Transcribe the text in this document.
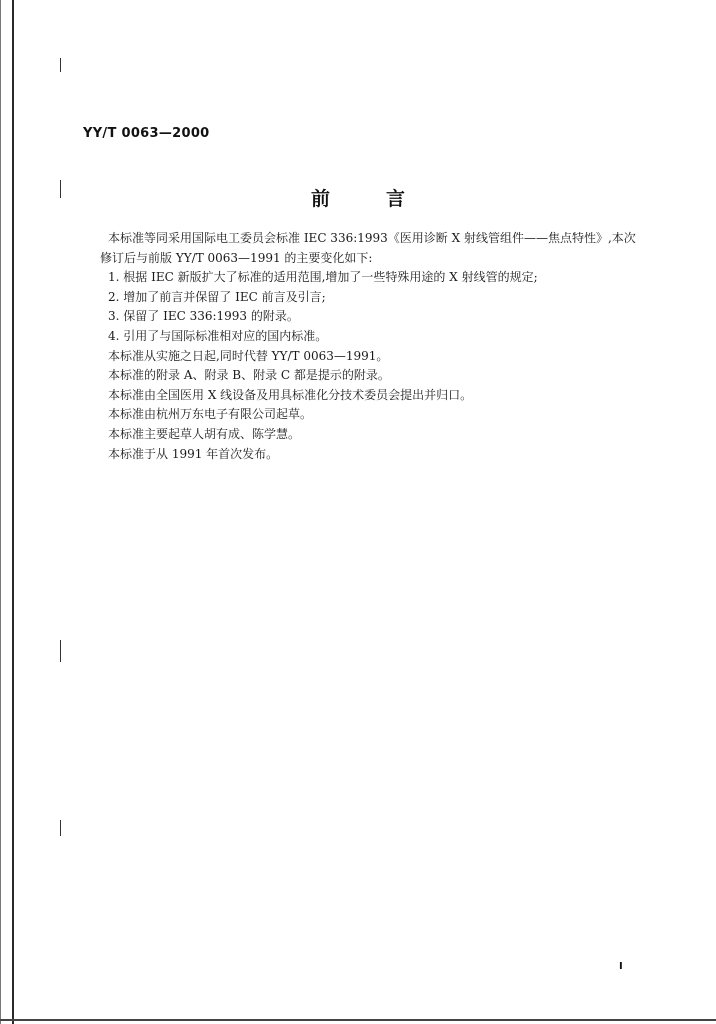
YY/T 0063—2000
前言

本标准等同采用国际电工委员会标准 IEC 336:1993《医用诊断 X 射线管组件——焦点特性》,本次

修订后与前版 YY/T 0063—1991 的主要变化如下:

1. 根据 IEC 新版扩大了标准的适用范围,增加了一些特殊用途的 X 射线管的规定;

2. 增加了前言并保留了 IEC 前言及引言;

3. 保留了 IEC 336:1993 的附录。

4. 引用了与国际标准相对应的国内标准。

本标准从实施之日起,同时代替 YY/T 0063—1991。

本标准的附录 A、附录 B、附录 C 都是提示的附录。

本标准由全国医用 X 线设备及用具标准化分技术委员会提出并归口。

本标准由杭州万东电子有限公司起草。

本标准主要起草人胡有成、陈学慧。

本标准于从 1991 年首次发布。

I
